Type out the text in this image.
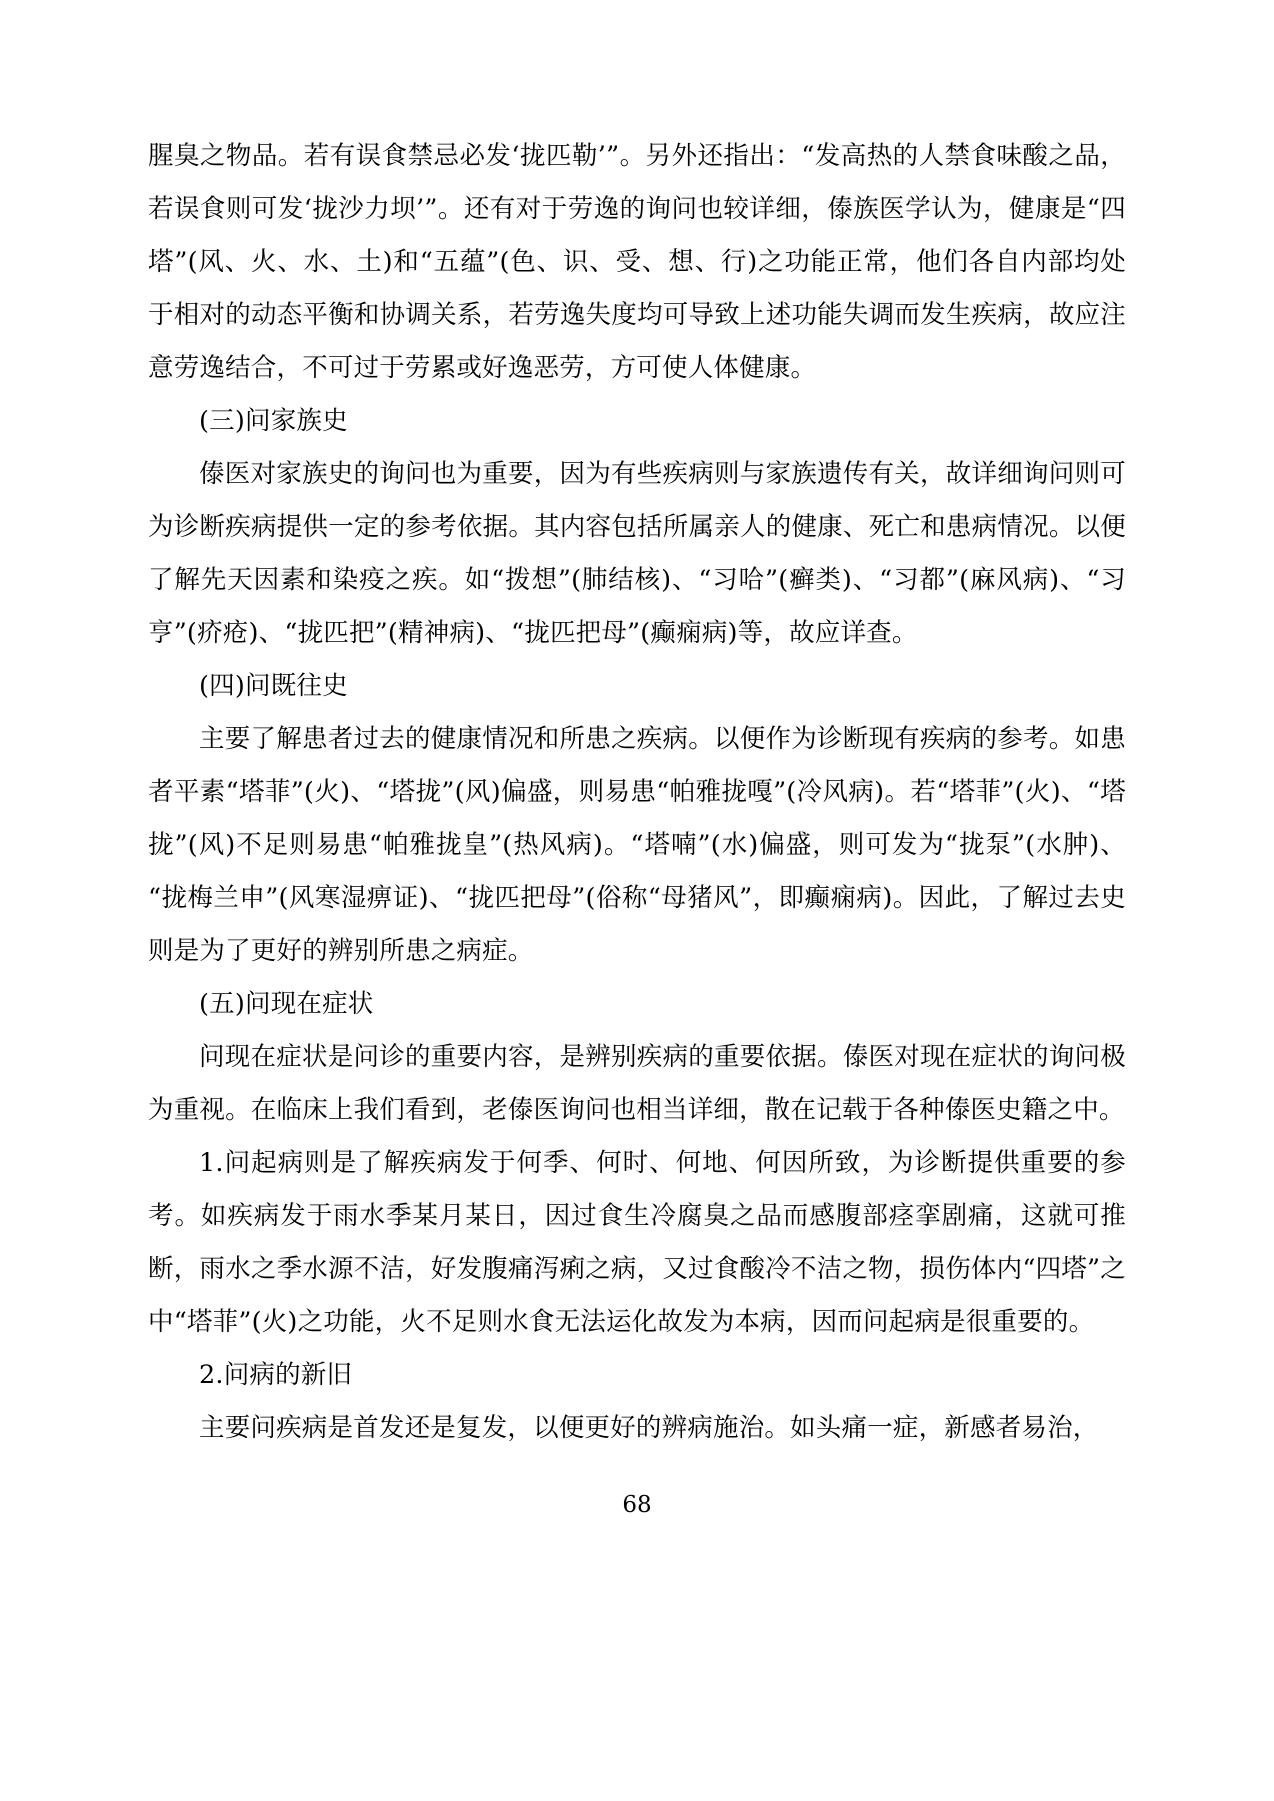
腥臭之物品。若有误食禁忌必发‘拢匹勒’”。另外还指出：“发高热的人禁食味酸之品，若误食则可发‘拢沙力坝’”。还有对于劳逸的询问也较详细，傣族医学认为，健康是“四塔”(风、火、水、土)和“五蕴”(色、识、受、想、行)之功能正常，他们各自内部均处于相对的动态平衡和协调关系，若劳逸失度均可导致上述功能失调而发生疾病，故应注意劳逸结合，不可过于劳累或好逸恶劳，方可使人体健康。

(三)问家族史

傣医对家族史的询问也为重要，因为有些疾病则与家族遗传有关，故详细询问则可为诊断疾病提供一定的参考依据。其内容包括所属亲人的健康、死亡和患病情况。以便了解先天因素和染疫之疾。如“拨想”(肺结核)、“习哈”(癣类)、“习都”(麻风病)、“习亨”(疥疮)、“拢匹把”(精神病)、“拢匹把母”(癫痫病)等，故应详查。

(四)问既往史

主要了解患者过去的健康情况和所患之疾病。以便作为诊断现有疾病的参考。如患者平素“塔菲”(火)、“塔拢”(风)偏盛，则易患“帕雅拢嘎”(冷风病)。若“塔菲”(火)、“塔拢”(风)不足则易患“帕雅拢皇”(热风病)。“塔喃”(水)偏盛，则可发为“拢泵”(水肿)、“拢梅兰申”(风寒湿痹证)、“拢匹把母”(俗称“母猪风”，即癫痫病)。因此，了解过去史则是为了更好的辨别所患之病症。

(五)问现在症状

问现在症状是问诊的重要内容，是辨别疾病的重要依据。傣医对现在症状的询问极为重视。在临床上我们看到，老傣医询问也相当详细，散在记载于各种傣医史籍之中。

1.问起病则是了解疾病发于何季、何时、何地、何因所致，为诊断提供重要的参考。如疾病发于雨水季某月某日，因过食生冷腐臭之品而感腹部痉挛剧痛，这就可推断，雨水之季水源不洁，好发腹痛泻痢之病，又过食酸冷不洁之物，损伤体内“四塔”之中“塔菲”(火)之功能，火不足则水食无法运化故发为本病，因而问起病是很重要的。

2.问病的新旧

主要问疾病是首发还是复发，以便更好的辨病施治。如头痛一症，新感者易治，

68
